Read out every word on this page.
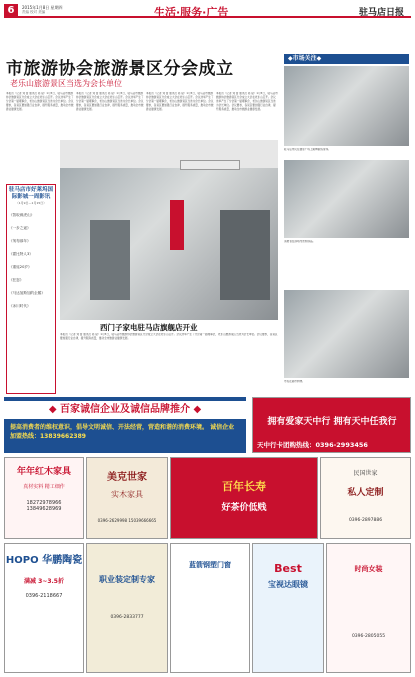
6	2015年1月8日 星期四
责编 校对 美编	生活·服务·广告	驻马店日报
市旅游协会旅游景区分会成立
老乐山旅游景区当选为会长单位
本报讯（记者 刘 雷 通讯员 陈 斌）1月5日，驻马店市旅游协会旅游景区分会成立大会在老乐山召开。会议选举产生了分会第一届理事会，老乐山旅游景区当选为会长单位。会议要求，各景区要加强行业自律，提升服务质量，推动全市旅游业健康发展。
本报讯（记者 刘 雷 通讯员 陈 斌）1月5日，驻马店市旅游协会旅游景区分会成立大会在老乐山召开。会议选举产生了分会第一届理事会，老乐山旅游景区当选为会长单位。会议要求，各景区要加强行业自律，提升服务质量，推动全市旅游业健康发展。
本报讯（记者 刘 雷 通讯员 陈 斌）1月5日，驻马店市旅游协会旅游景区分会成立大会在老乐山召开。会议选举产生了分会第一届理事会，老乐山旅游景区当选为会长单位。会议要求，各景区要加强行业自律，提升服务质量，推动全市旅游业健康发展。
本报讯（记者 刘 雷 通讯员 陈 斌）1月5日，驻马店市旅游协会旅游景区分会成立大会在老乐山召开。会议选举产生了分会第一届理事会，老乐山旅游景区当选为会长单位。会议要求，各景区要加强行业自律，提升服务质量，推动全市旅游业健康发展。
驻马店市好莱坞国际影城一周影讯
（1月9日—1月15日）
《智取威虎山》
《一步之遥》
《匆匆那年》
《霍比特人3》
《重返20岁》
《狂怒》
《马达加斯加的企鹅》
《冰川时代》
西门子家电驻马店旗舰店开业
本报讯（记者 刘 雷 通讯员 陈 斌）1月5日，驻马店市旅游协会旅游景区分会成立大会在老乐山召开。会议选举产生了分会第一届理事会，老乐山旅游景区当选为会长单位。会议要求，各景区要加强行业自律，提升服务质量，推动全市旅游业健康发展。
◆市场关注◆
驻马店市民在健身广场上跳舞锻炼身体。
消费者在商场内选购商品。
市民在超市购物。
◆ 百家诚信企业及诚信品牌推介 ◆
提高消费者的维权意识，倡导文明诚信、开法经营，营造和谐的消费环境。 诚信企业加盟热线：13839662389
拥有爱家天中行 拥有天中任我行
天中行卡团购热线：0396-2993456
年年红木家具
真材实料 精工细作
18272978966
13849628969
美克世家
实木家具
0396-2629998 15039666665
百年长寿
好茶价低贱
民国世家
私人定制
0396-2897886
HOPO 华鹏陶瓷
满减 3~3.5折
0396-2118667
职业装定制专家
0396-2833777
蓝箭钢塑门窗	Best
宝视达眼镜
时尚女装
0396-2805055
